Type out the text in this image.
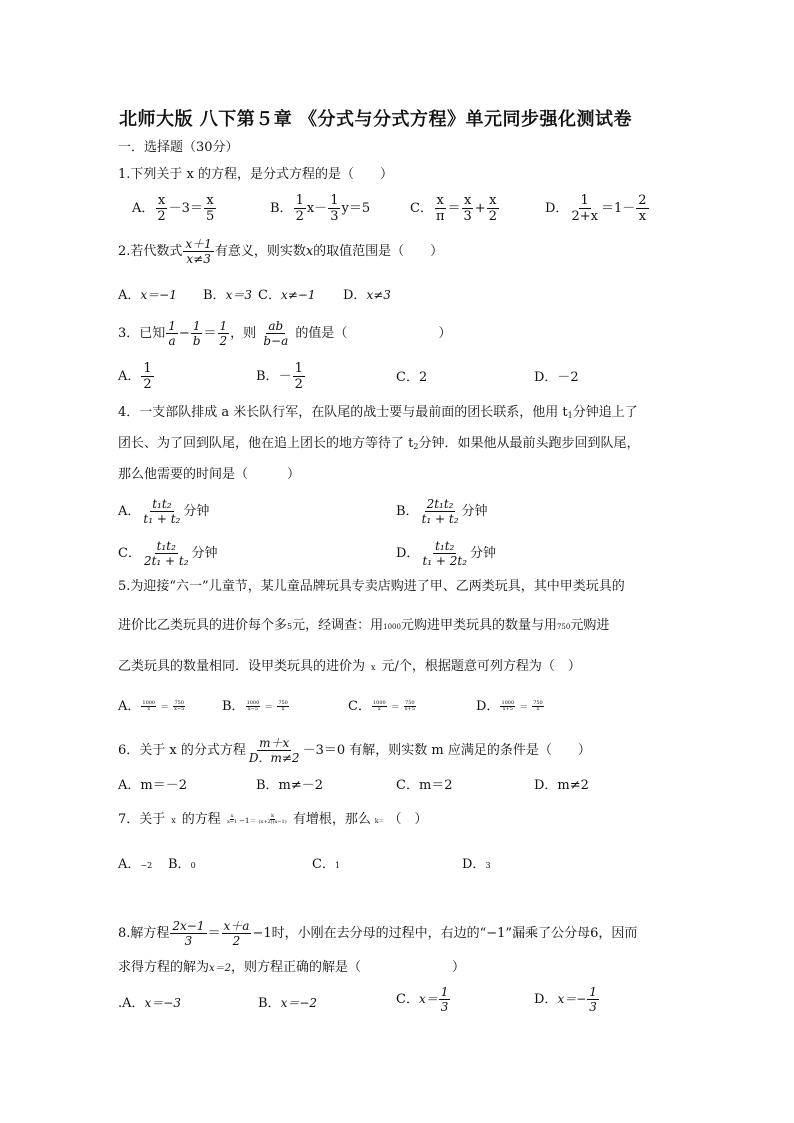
北师大版 八下第５章 《分式与分式方程》单元同步强化测试卷
一．选择题（30分）
1.下列关于 x 的方程，是分式方程的是（　　）
A． $\frac{x}{2} -3= \frac{x}{5}$	B． $\frac{1}{2} x- \frac{1}{3} y=5$	C． $\frac{x}{\pi} = \frac{x}{3} + \frac{x}{2}$	D． $\frac{1}{2+x} =1- \frac{2}{x}$
2.若代数式 $\frac{x+1}{x\ne 3}$ 有意义，则实数x的取值范围是（　　）
A．x＝−1 B．x＝3 C．x≠−1 D．x≠3
3．已知 $\frac{1}{a} - \frac{1}{b} = \frac{1}{2}$ ，则 $\frac{ab}{b-a}$ 的值是（　　　　　　　）
A． $\frac{1}{2}$	B．－ $\frac{1}{2}$	C．2	D．－2
4．一支部队排成 a 米长队行军，在队尾的战士要与最前面的团长联系，他用 $t_1$分钟追上了
团长、为了回到队尾，他在追上团长的地方等待了 $t_2$分钟．如果他从最前头跑步回到队尾，
那么他需要的时间是（　　　）
A． $\frac{\text{t₁t₂}}{\text{t₁ + t₂}}$ 分钟	B． $\frac{\text{2t₁t₂}}{\text{t₁ + t₂}}$ 分钟
C． $\frac{\text{t₁t₂}}{\text{2t₁ + t₂}}$ 分钟	D． $\frac{\text{t₁t₂}}{\text{t₁ + 2t₂}}$ 分钟
5.为迎接“六一”儿童节，某儿童品牌玩具专卖店购进了甲、乙两类玩具，其中甲类玩具的
进价比乙类玩具的进价每个多5元，经调查：用1000元购进甲类玩具的数量与用750元购进
乙类玩具的数量相同．设甲类玩具的进价为 x 元/个，根据题意可列方程为（　）
A． $\frac{1000}{x} = \frac{750}{x-5}$	B． $\frac{1000}{x-5} = \frac{750}{x}$	C． $\frac{1000}{x} = \frac{750}{x+5}$	D． $\frac{1000}{x+5} = \frac{750}{x}$
6．关于 x 的分式方程 $\frac{m+x}{D.m\ne 2} -3=0$ 有解，则实数 m 应满足的条件是（　　）
A．m＝－2	B．m≠－2	C．m＝2	D．m≠2
7．关于 x 的方程 $\frac{x}{x-1} -1= \frac{k}{(x+2)(x-1)}$ 有增根，那么 k＝ （　）
A．−2 B．0	C．1	D．3
8.解方程 $\frac{2x-1}{3} = \frac{x+a}{2} -1$时，小刚在去分母的过程中，右边的“−1”漏乘了公分母6，因而
求得方程的解为x＝2，则方程正确的解是（　　　　　　　）
.A．x＝−3	B．x＝−2	C．$x= \frac{1}{3}$	D．$x=- \frac{1}{3}$
